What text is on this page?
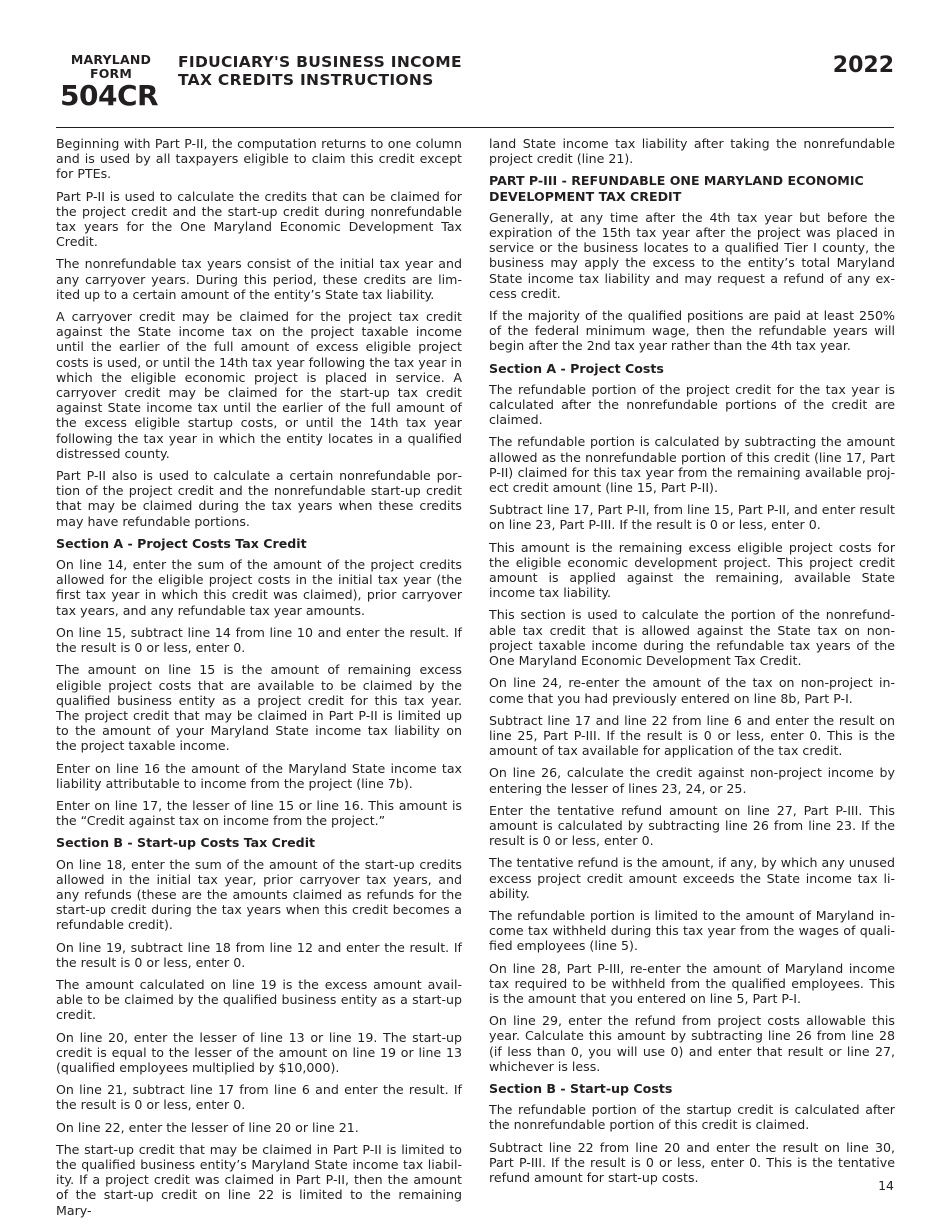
MARYLAND
FORM
504CR
FIDUCIARY'S BUSINESS INCOME
TAX CREDITS INSTRUCTIONS
2022

Beginning with Part P-II, the computation returns to one column and is used by all taxpayers eligible to claim this credit except for PTEs.

Part P-II is used to calculate the credits that can be claimed for the project credit and the start-up credit during nonrefundable tax years for the One Maryland Economic Development Tax Credit.

The nonrefundable tax years consist of the initial tax year and any carryover years. During this period, these credits are limited up to a certain amount of the entity’s State tax liability.

A carryover credit may be claimed for the project tax credit against the State income tax on the project taxable income until the earlier of the full amount of excess eligible project costs is used, or until the 14th tax year following the tax year in which the eligible economic project is placed in service. A carryover credit may be claimed for the start-up tax credit against State income tax until the earlier of the full amount of the excess eligible startup costs, or until the 14th tax year following the tax year in which the entity locates in a qualified distressed county.

Part P-II also is used to calculate a certain nonrefundable portion of the project credit and the nonrefundable start-up credit that may be claimed during the tax years when these credits may have refundable portions.

Section A - Project Costs Tax Credit

On line 14, enter the sum of the amount of the project credits allowed for the eligible project costs in the initial tax year (the first tax year in which this credit was claimed), prior carryover tax years, and any refundable tax year amounts.

On line 15, subtract line 14 from line 10 and enter the result. If the result is 0 or less, enter 0.

The amount on line 15 is the amount of remaining excess eligible project costs that are available to be claimed by the qualified business entity as a project credit for this tax year. The project credit that may be claimed in Part P-II is limited up to the amount of your Maryland State income tax liability on the project taxable income.

Enter on line 16 the amount of the Maryland State income tax liability attributable to income from the project (line 7b).

Enter on line 17, the lesser of line 15 or line 16. This amount is the “Credit against tax on income from the project.”

Section B - Start-up Costs Tax Credit

On line 18, enter the sum of the amount of the start-up credits allowed in the initial tax year, prior carryover tax years, and any refunds (these are the amounts claimed as refunds for the start-up credit during the tax years when this credit becomes a refundable credit).

On line 19, subtract line 18 from line 12 and enter the result. If the result is 0 or less, enter 0.

The amount calculated on line 19 is the excess amount available to be claimed by the qualified business entity as a start-up credit.

On line 20, enter the lesser of line 13 or line 19. The start-up credit is equal to the lesser of the amount on line 19 or line 13 (qualified employees multiplied by $10,000).

On line 21, subtract line 17 from line 6 and enter the result. If the result is 0 or less, enter 0.

On line 22, enter the lesser of line 20 or line 21.

The start-up credit that may be claimed in Part P-II is limited to the qualified business entity’s Maryland State income tax liability. If a project credit was claimed in Part P-II, then the amount of the start-up credit on line 22 is limited to the remaining Mary-

land State income tax liability after taking the nonrefundable project credit (line 21).

PART P-III - REFUNDABLE ONE MARYLAND ECONOMIC DEVELOPMENT TAX CREDIT

Generally, at any time after the 4th tax year but before the expiration of the 15th tax year after the project was placed in service or the business locates to a qualified Tier I county, the business may apply the excess to the entity’s total Maryland State income tax liability and may request a refund of any excess credit.

If the majority of the qualified positions are paid at least 250% of the federal minimum wage, then the refundable years will begin after the 2nd tax year rather than the 4th tax year.

Section A - Project Costs

The refundable portion of the project credit for the tax year is calculated after the nonrefundable portions of the credit are claimed.

The refundable portion is calculated by subtracting the amount allowed as the nonrefundable portion of this credit (line 17, Part P-II) claimed for this tax year from the remaining available project credit amount (line 15, Part P-II).

Subtract line 17, Part P-II, from line 15, Part P-II, and enter result on line 23, Part P-III. If the result is 0 or less, enter 0.

This amount is the remaining excess eligible project costs for the eligible economic development project. This project credit amount is applied against the remaining, available State income tax liability.

This section is used to calculate the portion of the nonrefundable tax credit that is allowed against the State tax on nonproject taxable income during the refundable tax years of the One Maryland Economic Development Tax Credit.

On line 24, re-enter the amount of the tax on non-project income that you had previously entered on line 8b, Part P-I.

Subtract line 17 and line 22 from line 6 and enter the result on line 25, Part P-III. If the result is 0 or less, enter 0. This is the amount of tax available for application of the tax credit.

On line 26, calculate the credit against non-project income by entering the lesser of lines 23, 24, or 25.

Enter the tentative refund amount on line 27, Part P-III. This amount is calculated by subtracting line 26 from line 23. If the result is 0 or less, enter 0.

The tentative refund is the amount, if any, by which any unused excess project credit amount exceeds the State income tax liability.

The refundable portion is limited to the amount of Maryland income tax withheld during this tax year from the wages of qualified employees (line 5).

On line 28, Part P-III, re-enter the amount of Maryland income tax required to be withheld from the qualified employees. This is the amount that you entered on line 5, Part P-I.

On line 29, enter the refund from project costs allowable this year. Calculate this amount by subtracting line 26 from line 28 (if less than 0, you will use 0) and enter that result or line 27, whichever is less.

Section B - Start-up Costs

The refundable portion of the startup credit is calculated after the nonrefundable portion of this credit is claimed.

Subtract line 22 from line 20 and enter the result on line 30, Part P-III. If the result is 0 or less, enter 0. This is the tentative refund amount for start-up costs.

14
